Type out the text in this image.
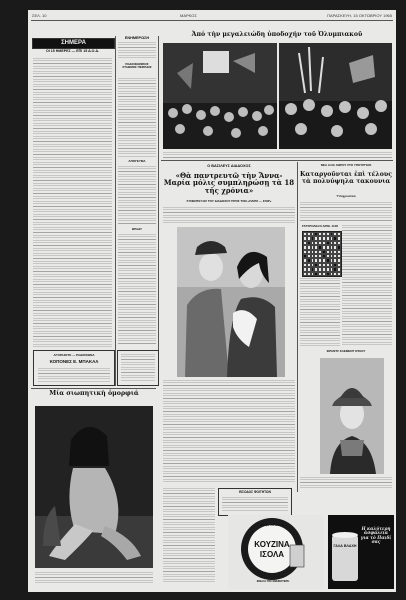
ΣΕΛ. 10	ΜΑΡΚΟΣ	ΠΑΡΑΣΚΕΥΗ, 15 ΟΚΤΩΒΡΙΟΥ 1965
ΣΗΜΕΡΑ
ΟΙ 15 ΗΜΕΡΕΣ — ΕΠΙ 15 Δ.Ο.Δ.
ΕΝΗΜΕΡΩΣΗ
ΡΑΔΙΟΦΩΝΙΚΟΣ ΣΤΑΘΜΟΣ ΠΕΙΡΑΙΩΣ
ΑΠΟΓΕΥΜΑ
ΒΡΑΔΥ
ΑΓΟΡΑΖΕΤΕ — ΡΑΔΙΟΦΩΝΑ
ΚΟΠΟΝΕΣ Ε. ΜΠΑΚΑΛ
Μία σιωπητικὴ ὀμορφιά
Ἀπό τὴν μεγαλειώδη ὑποδοχήν τοῦ Ὀλυμπιακοῦ
Ο ΒΑΣΙΛΕΥΣ ΔΙΑΔΟΧΟΣ
«Θὰ παντρευτῶ τὴν Ἄννα-Μαρία μόλις συμπληρώσῃ τὰ 18 τῆς χρόνια»
ΣΥΝΕΝΤΕΥΞΙΣ ΤΟΥ ΔΙΑΔΟΧΟΥ ΠΡΟΣ ΤΟΝ «ΠΑΡΙΣ — ΣΟΙΡ»
ΝΕΑ ΑΞΙΑ ΧΩΡΟΥ ΣΤΟ ΥΠΟΥΡΓΕΙΟ
Καταργοῦνται ἐπὶ τέλους τὰ πολυύψηλα τακουνια
Ὑποχρεωτικό
ΣΤΑΥΡΟΛΕΞΟ ΑΡΙΘ. 1100
ΦΡΑΝΤΣ ΚΛΕΜΕΝΤ ΝΤΑΟΥ
ΕΙΣΟΔΟΣ ΦΟΙΤΗΤΩΝ
Φτιάξτε πιο εύκολα
ΚΟΥΖΙΝΑ
ΙΣΟΛΑ
ΕΙΝΑΙ Η ΠΙΟ ΦΘΗΝΟΤΕΡΗ
ΓΑΛΑ ΒΛΑΧΗ
Η καλύτερη ἀσφάλεια για τὸ Παιδί σας
